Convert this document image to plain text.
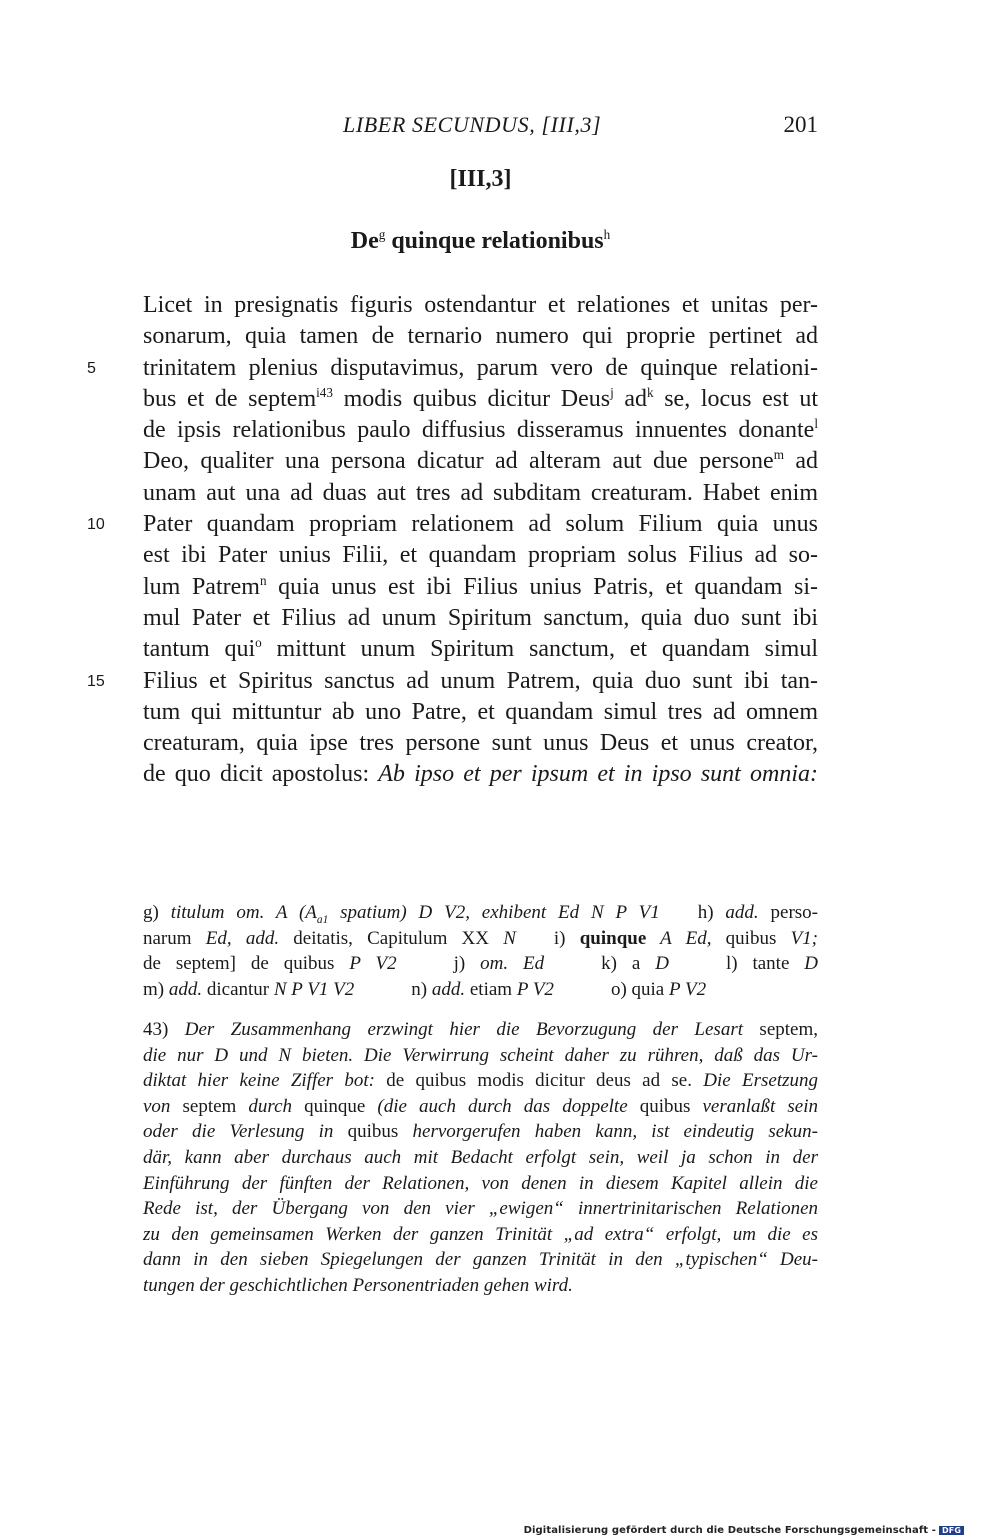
LIBER SECUNDUS, [III,3]	201
[III,3]
De$^g$ quinque relationibus$^h$
Licet in presignatis figuris ostendantur et relationes et unitas per-
sonarum, quia tamen de ternario numero qui proprie pertinet ad
5	trinitatem plenius disputavimus, parum vero de quinque relationi-
bus et de septem$^{i43}$ modis quibus dicitur Deus$^j$ $ad^k$ se, locus est ut
de ipsis relationibus paulo diffusius disseramus innuentes donante$^l$
Deo, qualiter una persona dicatur ad alteram aut due persone$^m$ ad
unam aut una ad duas aut tres ad subditam creaturam. Habet enim
10 Pater quandam propriam relationem ad solum Filium quia unus
est ibi Pater unius Filii, et quandam propriam solus Filius ad so-
lum Patrem$^n$ quia unus est ibi Filius unius Patris, et quandam si-
mul Pater et Filius ad unum Spiritum sanctum, quia duo sunt ibi
tantum qui$^o$ mittunt unum Spiritum sanctum, et quandam simul
15 Filius et Spiritus sanctus ad unum Patrem, quia duo sunt ibi tan-
tum qui mittuntur ab uno Patre, et quandam simul tres ad omnem
creaturam, quia ipse tres persone sunt unus Deus et unus creator,
de quo dicit apostolus: Ab ipso et per ipsum et in ipso sunt omnia:
g) titulum om. A ($A_{a1}$ spatium) D V2, exhibent Ed N P V1   h) add. perso-
narum Ed, add. deitatis, Capitulum XX N   i) quinque A Ed, quibus V1;
de septem] de quibus P V2   	j) om. Ed   	k) a D   	l) tante D
m) add. dicantur N P V1 V2   	n) add. etiam P V2   	o) quia P V2
43) Der Zusammenhang erzwingt hier die Bevorzugung der Lesart septem,
die nur D und N bieten. Die Verwirrung scheint daher zu rühren, daß das Ur-
diktat hier keine Ziffer bot: de quibus modis dicitur deus ad se. Die Ersetzung
von septem durch quinque (die auch durch das doppelte quibus veranlaßt sein
oder die Verlesung in quibus hervorgerufen haben kann, ist eindeutig sekun-
där, kann aber durchaus auch mit Bedacht erfolgt sein, weil ja schon in der
Einführung der fünften der Relationen, von denen in diesem Kapitel allein die
Rede ist, der Übergang von den vier „ewigen“ innertrinitarischen Relationen
zu den gemeinsamen Werken der ganzen Trinität „ad extra“ erfolgt, um die es
dann in den sieben Spiegelungen der ganzen Trinität in den „typischen“ Deu-
tungen der geschichtlichen Personentriaden gehen wird.
Digitalisierung gefördert durch die Deutsche Forschungsgemeinschaft - DFG
